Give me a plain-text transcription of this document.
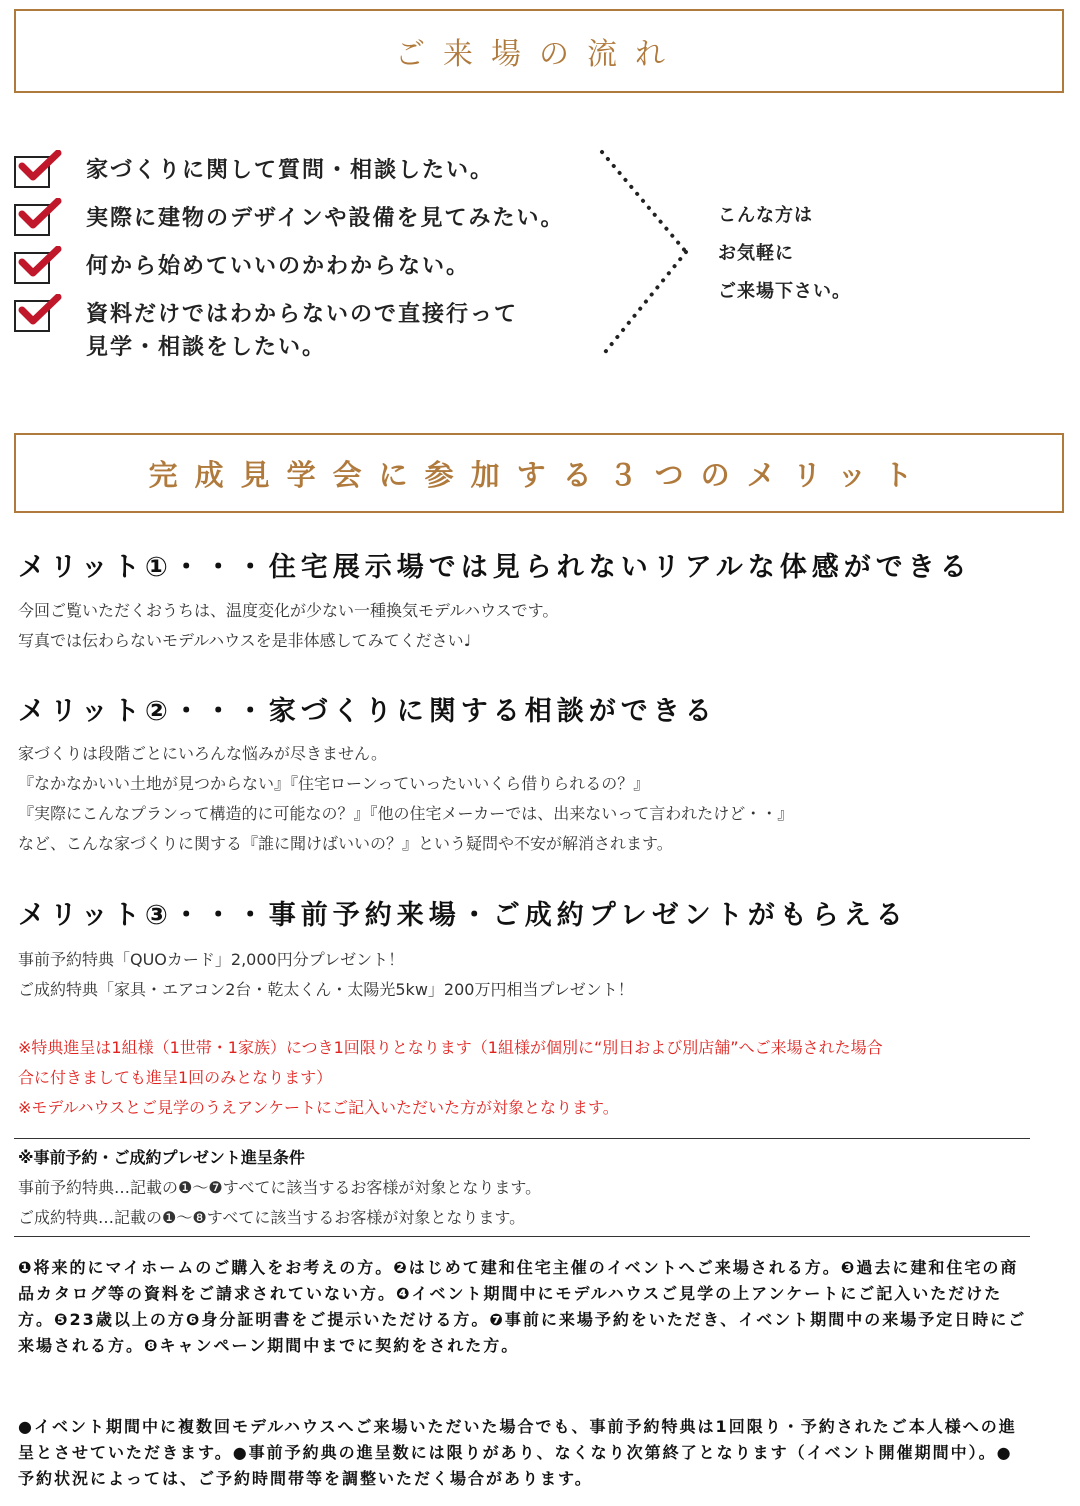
ご来場の流れ
家づくりに関して質問・相談したい。
実際に建物のデザインや設備を見てみたい。
何から始めていいのかわからない。
資料だけではわからないので直接行って
見学・相談をしたい。
こんな方は
お気軽に
ご来場下さい。
完成見学会に参加する３つのメリット
メリット①・・・住宅展示場では見られないリアルな体感ができる
今回ご覧いただくおうちは、温度変化が少ない一種換気モデルハウスです。
写真では伝わらないモデルハウスを是非体感してみてください♩
メリット②・・・家づくりに関する相談ができる
家づくりは段階ごとにいろんな悩みが尽きません。
『なかなかいい土地が見つからない』『住宅ローンっていったいいくら借りられるの？』
『実際にこんなプランって構造的に可能なの？』『他の住宅メーカーでは、出来ないって言われたけど・・』
など、こんな家づくりに関する『誰に聞けばいいの？』という疑問や不安が解消されます。
メリット③・・・事前予約来場・ご成約プレゼントがもらえる
事前予約特典「QUOカード」2,000円分プレゼント！
ご成約特典「家具・エアコン2台・乾太くん・太陽光5kw」200万円相当プレゼント！
※特典進呈は1組様（1世帯・1家族）につき1回限りとなります（1組様が個別に“別日および別店舗”へご来場された場合
合に付きましても進呈1回のみとなります）
※モデルハウスとご見学のうえアンケートにご記入いただいた方が対象となります。
※事前予約・ご成約プレゼント進呈条件
事前予約特典…記載の❶〜❼すべてに該当するお客様が対象となります。
ご成約特典…記載の❶〜❽すべてに該当するお客様が対象となります。
❶将来的にマイホームのご購入をお考えの方。❷はじめて建和住宅主催のイベントへご来場される方。❸過去に建和住宅の商品カタログ等の資料をご請求されていない方。❹イベント期間中にモデルハウスご見学の上アンケートにご記入いただけた方。❺23歳以上の方❻身分証明書をご提示いただける方。❼事前に来場予約をいただき、イベント期間中の来場予定日時にご来場される方。❽キャンペーン期間中までに契約をされた方。
●イベント期間中に複数回モデルハウスへご来場いただいた場合でも、事前予約特典は1回限り・予約されたご本人様への進呈とさせていただきます。●事前予約典の進呈数には限りがあり、なくなり次第終了となります（イベント開催期間中）。●予約状況によっては、ご予約時間帯等を調整いただく場合があります。
